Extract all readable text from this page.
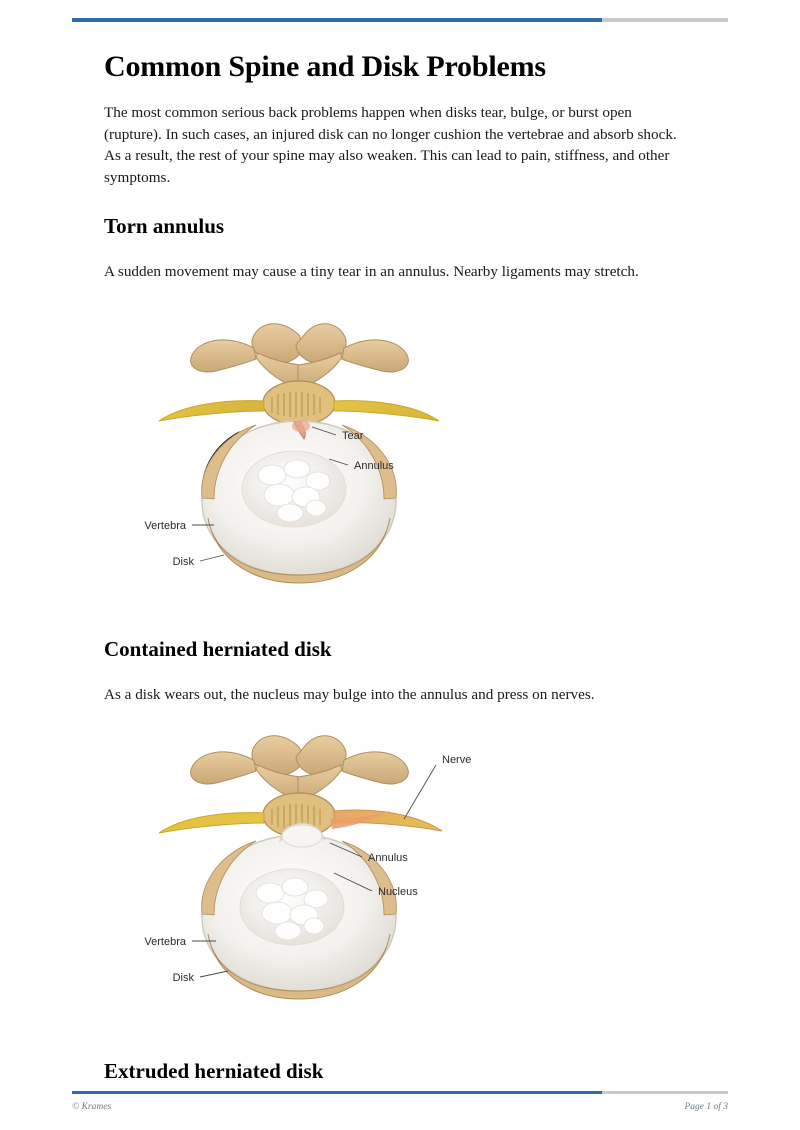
Common Spine and Disk Problems

The most common serious back problems happen when disks tear, bulge, or burst open (rupture). In such cases, an injured disk can no longer cushion the vertebrae and absorb shock. As a result, the rest of your spine may also weaken. This can lead to pain, stiffness, and other symptoms.

Torn annulus

A sudden movement may cause a tiny tear in an annulus. Nearby ligaments may stretch.

Tear
Annulus
Vertebra
Disk
Contained herniated disk

As a disk wears out, the nucleus may bulge into the annulus and press on nerves.

Nerve
Annulus
Nucleus
Vertebra
Disk
Extruded herniated disk
© Krames	Page 1 of 3
